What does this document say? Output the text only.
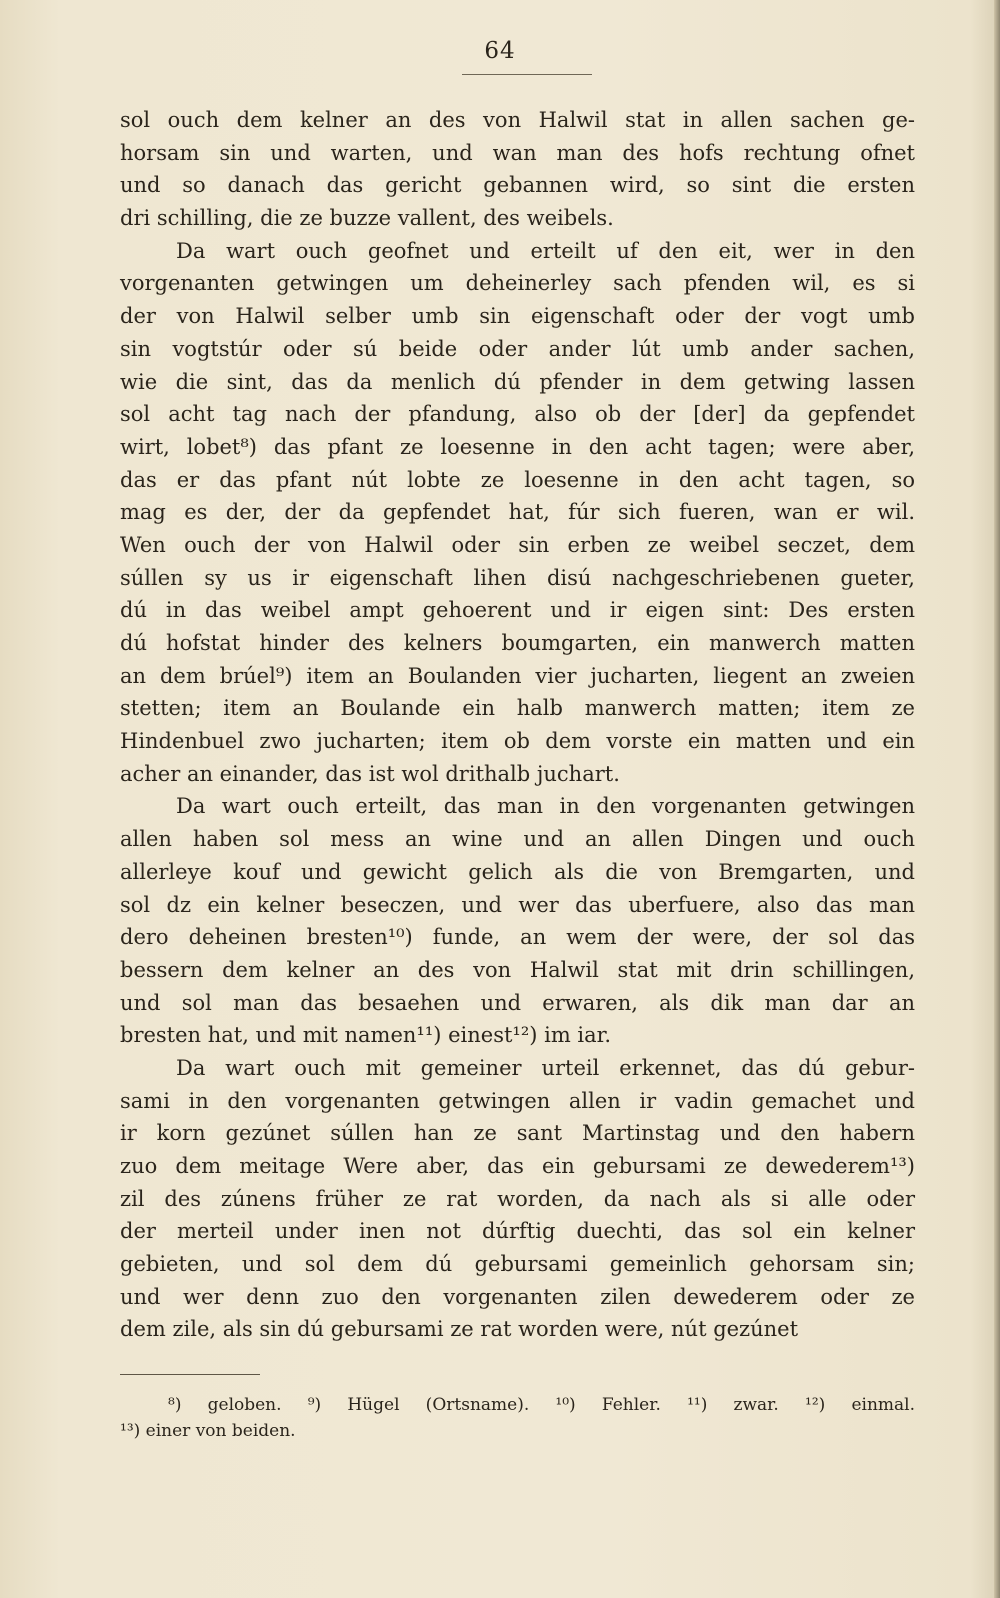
64
sol ouch dem kelner an des von Halwil stat in allen sachen ge-
horsam sin und warten, und wan man des hofs rechtung ofnet
und so danach das gericht gebannen wird, so sint die ersten
dri schilling, die ze buzze vallent, des weibels.
Da wart ouch geofnet und erteilt uf den eit, wer in den
vorgenanten getwingen um deheinerley sach pfenden wil, es si
der von Halwil selber umb sin eigenschaft oder der vogt umb
sin vogtstúr oder sú beide oder ander lút umb ander sachen,
wie die sint, das da menlich dú pfender in dem getwing lassen
sol acht tag nach der pfandung, also ob der [der] da gepfendet
wirt, lobet⁸) das pfant ze loesenne in den acht tagen; were aber,
das er das pfant nút lobte ze loesenne in den acht tagen, so
mag es der, der da gepfendet hat, fúr sich fueren, wan er wil.
Wen ouch der von Halwil oder sin erben ze weibel seczet, dem
súllen sy us ir eigenschaft lihen disú nachgeschriebenen gueter,
dú in das weibel ampt gehoerent und ir eigen sint: Des ersten
dú hofstat hinder des kelners boumgarten, ein manwerch matten
an dem brúel⁹) item an Boulanden vier jucharten, liegent an zweien
stetten; item an Boulande ein halb manwerch matten; item ze
Hindenbuel zwo jucharten; item ob dem vorste ein matten und ein
acher an einander, das ist wol drithalb juchart.
Da wart ouch erteilt, das man in den vorgenanten getwingen
allen haben sol mess an wine und an allen Dingen und ouch
allerleye kouf und gewicht gelich als die von Bremgarten, und
sol dz ein kelner beseczen, und wer das uberfuere, also das man
dero deheinen bresten¹⁰) funde, an wem der were, der sol das
bessern dem kelner an des von Halwil stat mit drin schillingen,
und sol man das besaehen und erwaren, als dik man dar an
bresten hat, und mit namen¹¹) einest¹²) im iar.
Da wart ouch mit gemeiner urteil erkennet, das dú gebur-
sami in den vorgenanten getwingen allen ir vadin gemachet und
ir korn gezúnet súllen han ze sant Martinstag und den habern
zuo dem meitage Were aber, das ein gebursami ze dewederem¹³)
zil des zúnens früher ze rat worden, da nach als si alle oder
der merteil under inen not dúrftig duechti, das sol ein kelner
gebieten, und sol dem dú gebursami gemeinlich gehorsam sin;
und wer denn zuo den vorgenanten zilen dewederem oder ze
dem zile, als sin dú gebursami ze rat worden were, nút gezúnet
⁸) geloben. ⁹) Hügel (Ortsname). ¹⁰) Fehler. ¹¹) zwar. ¹²) einmal.
¹³) einer von beiden.
